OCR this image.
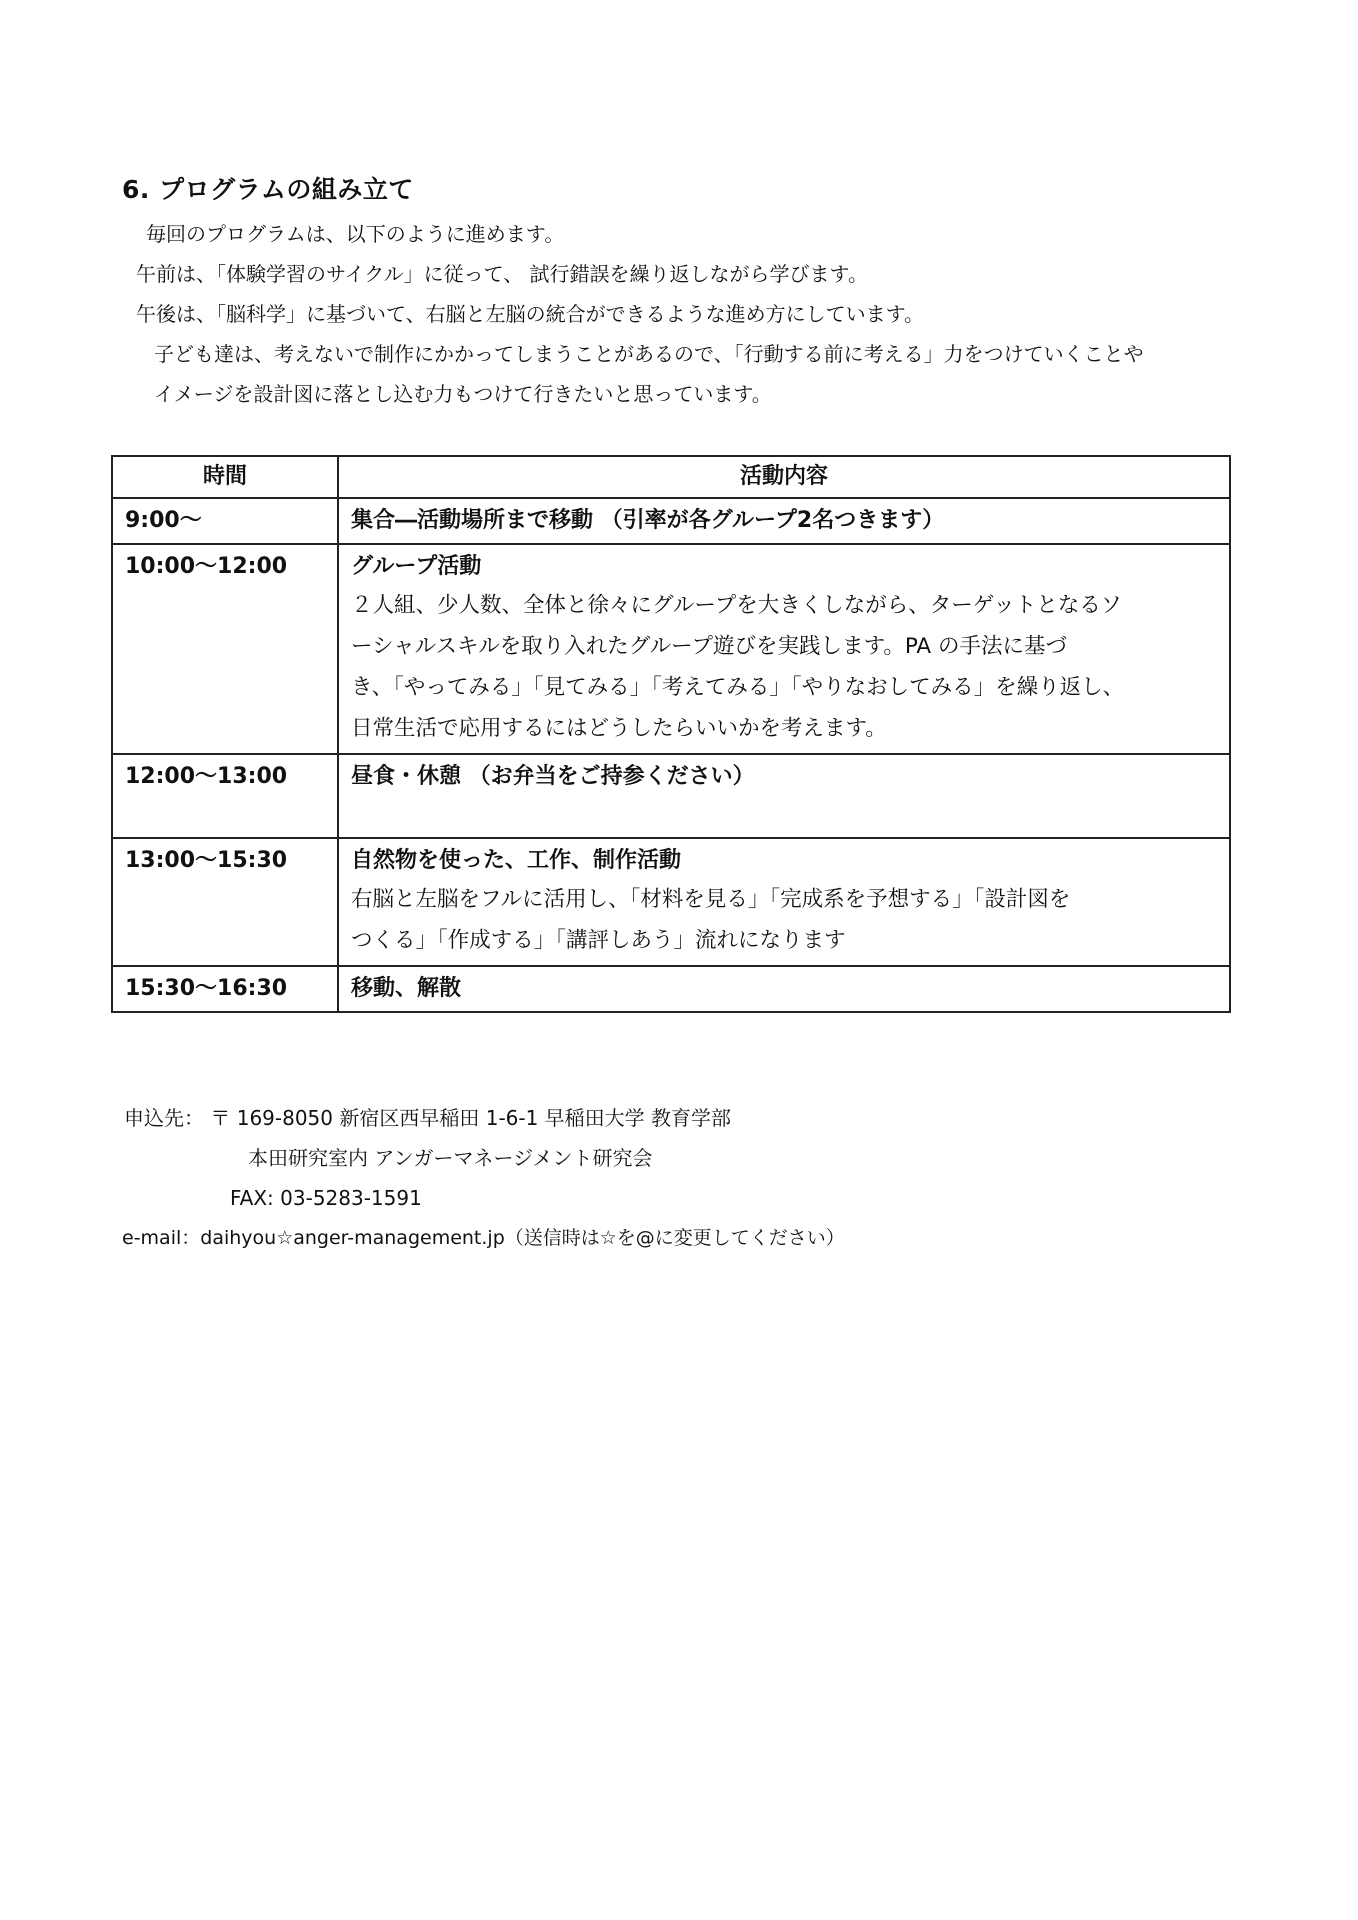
6. プログラムの組み立て

毎回のプログラムは、以下のように進めます。

午前は、「体験学習のサイクル」に従って、 試行錯誤を繰り返しながら学びます。

午後は、「脳科学」に基づいて、右脳と左脳の統合ができるような進め方にしています。

子ども達は、考えないで制作にかかってしまうことがあるので、「行動する前に考える」力をつけていくことや

イメージを設計図に落とし込む力もつけて行きたいと思っています。

時間	活動内容
9:00～	集合―活動場所まで移動 （引率が各グループ2名つきます）

10:00～12:00	グループ活動
２人組、少人数、全体と徐々にグループを大きくしながら、ターゲットとなるソ
ーシャルスキルを取り入れたグループ遊びを実践します。PA の手法に基づ
き、「やってみる」「見てみる」「考えてみる」「やりなおしてみる」を繰り返し、
日常生活で応用するにはどうしたらいいかを考えます。

12:00～13:00	昼食・休憩 （お弁当をご持参ください）

13:00～15:30	自然物を使った、工作、制作活動
右脳と左脳をフルに活用し、「材料を見る」「完成系を予想する」「設計図を
つくる」「作成する」「講評しあう」流れになります

15:30～16:30	移動、解散
申込先： 〒 169-8050 新宿区西早稲田 1-6-1 早稲田大学 教育学部
本田研究室内 アンガーマネージメント研究会
FAX: 03-5283-1591
e-mail：daihyou☆anger-management.jp（送信時は☆を@に変更してください）
